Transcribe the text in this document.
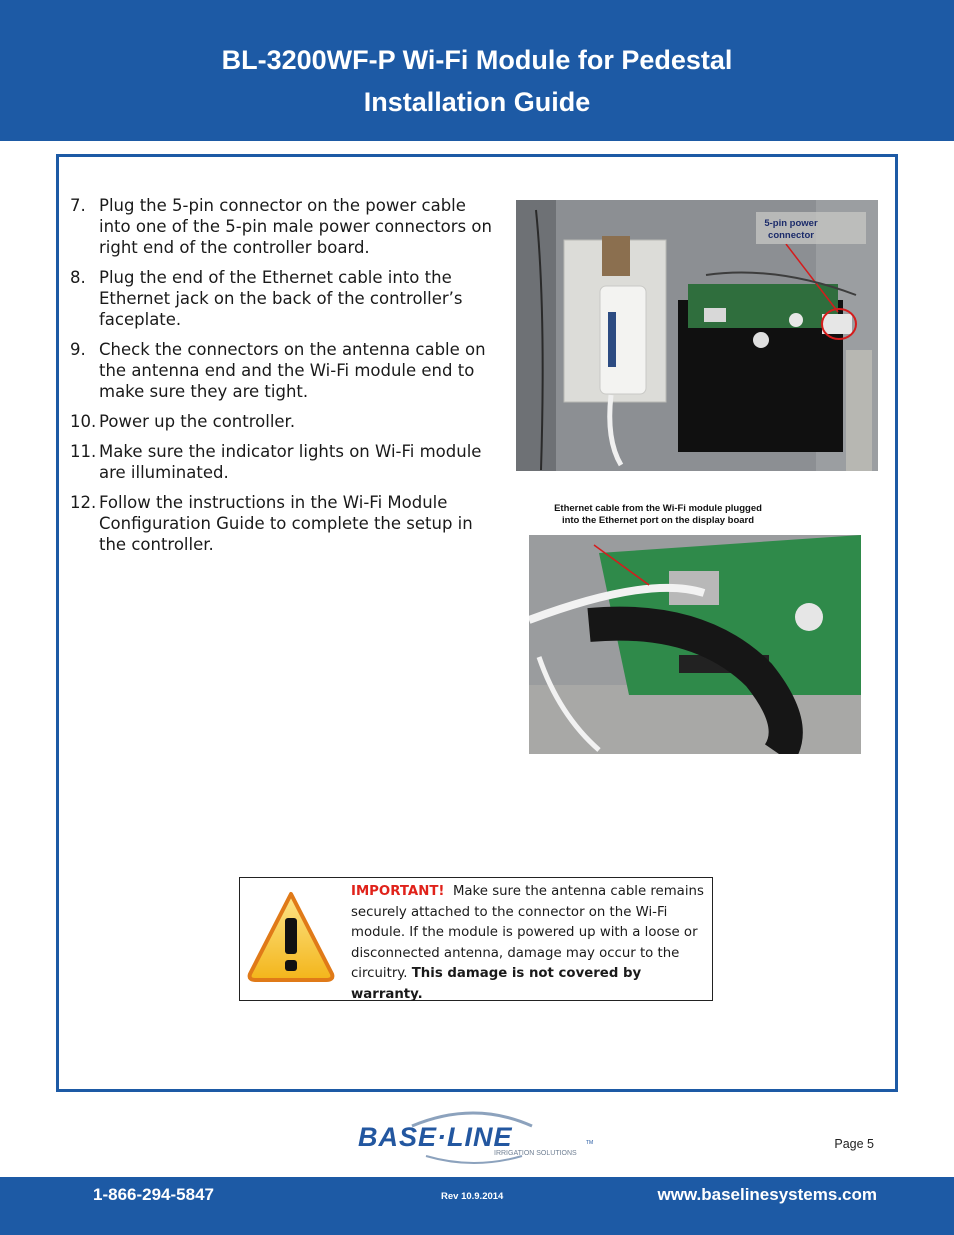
BL-3200WF-P Wi-Fi Module for Pedestal
Installation Guide
7. Plug the 5-pin connector on the power cable into one of the 5-pin male power connectors on right end of the controller board.
8. Plug the end of the Ethernet cable into the Ethernet jack on the back of the controller’s faceplate.
9. Check the connectors on the antenna cable on the antenna end and the Wi-Fi module end to make sure they are tight.
10. Power up the controller.
11. Make sure the indicator lights on Wi-Fi module are illuminated.
12. Follow the instructions in the Wi-Fi Module Configuration Guide to complete the setup in the controller.
5-pin power
connector
Ethernet cable from the Wi-Fi module plugged
into the Ethernet port on the display board
IMPORTANT! Make sure the antenna cable remains securely attached to the connector on the Wi-Fi module. If the module is powered up with a loose or disconnected antenna, damage may occur to the circuitry. This damage is not covered by warranty.
BASE·LINE	TM
IRRIGATION SOLUTIONS
Page 5
1-866-294-5847	Rev 10.9.2014	www.baselinesystems.com
